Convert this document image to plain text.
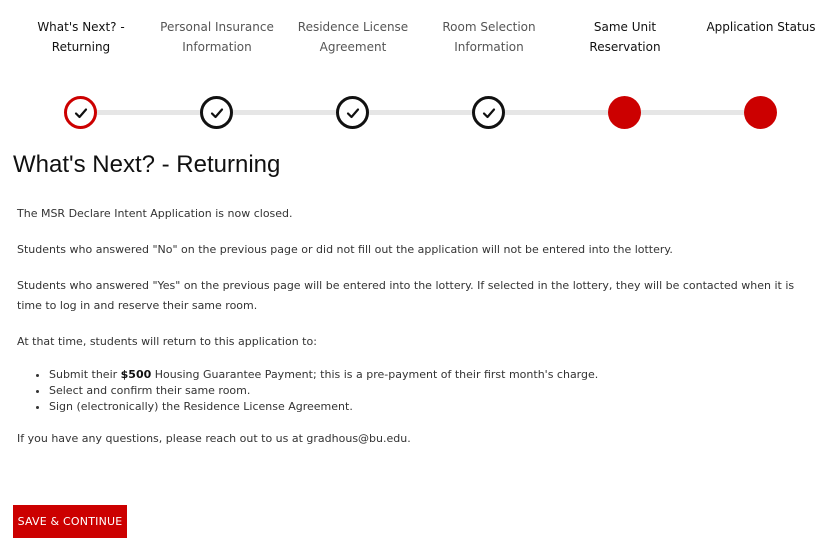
What's Next? - Returning
Personal Insurance Information
Residence License Agreement
Room Selection Information
Same Unit Reservation
Application Status
What's Next? - Returning

The MSR Declare Intent Application is now closed.

Students who answered "No" on the previous page or did not fill out the application will not be entered into the lottery.

Students who answered "Yes" on the previous page will be entered into the lottery. If selected in the lottery, they will be contacted when it is time to log in and reserve their same room.

At that time, students will return to this application to:

• Submit their $500 Housing Guarantee Payment; this is a pre-payment of their first month's charge.
• Select and confirm their same room.
• Sign (electronically) the Residence License Agreement.

If you have any questions, please reach out to us at gradhous@bu.edu.

SAVE & CONTINUE
